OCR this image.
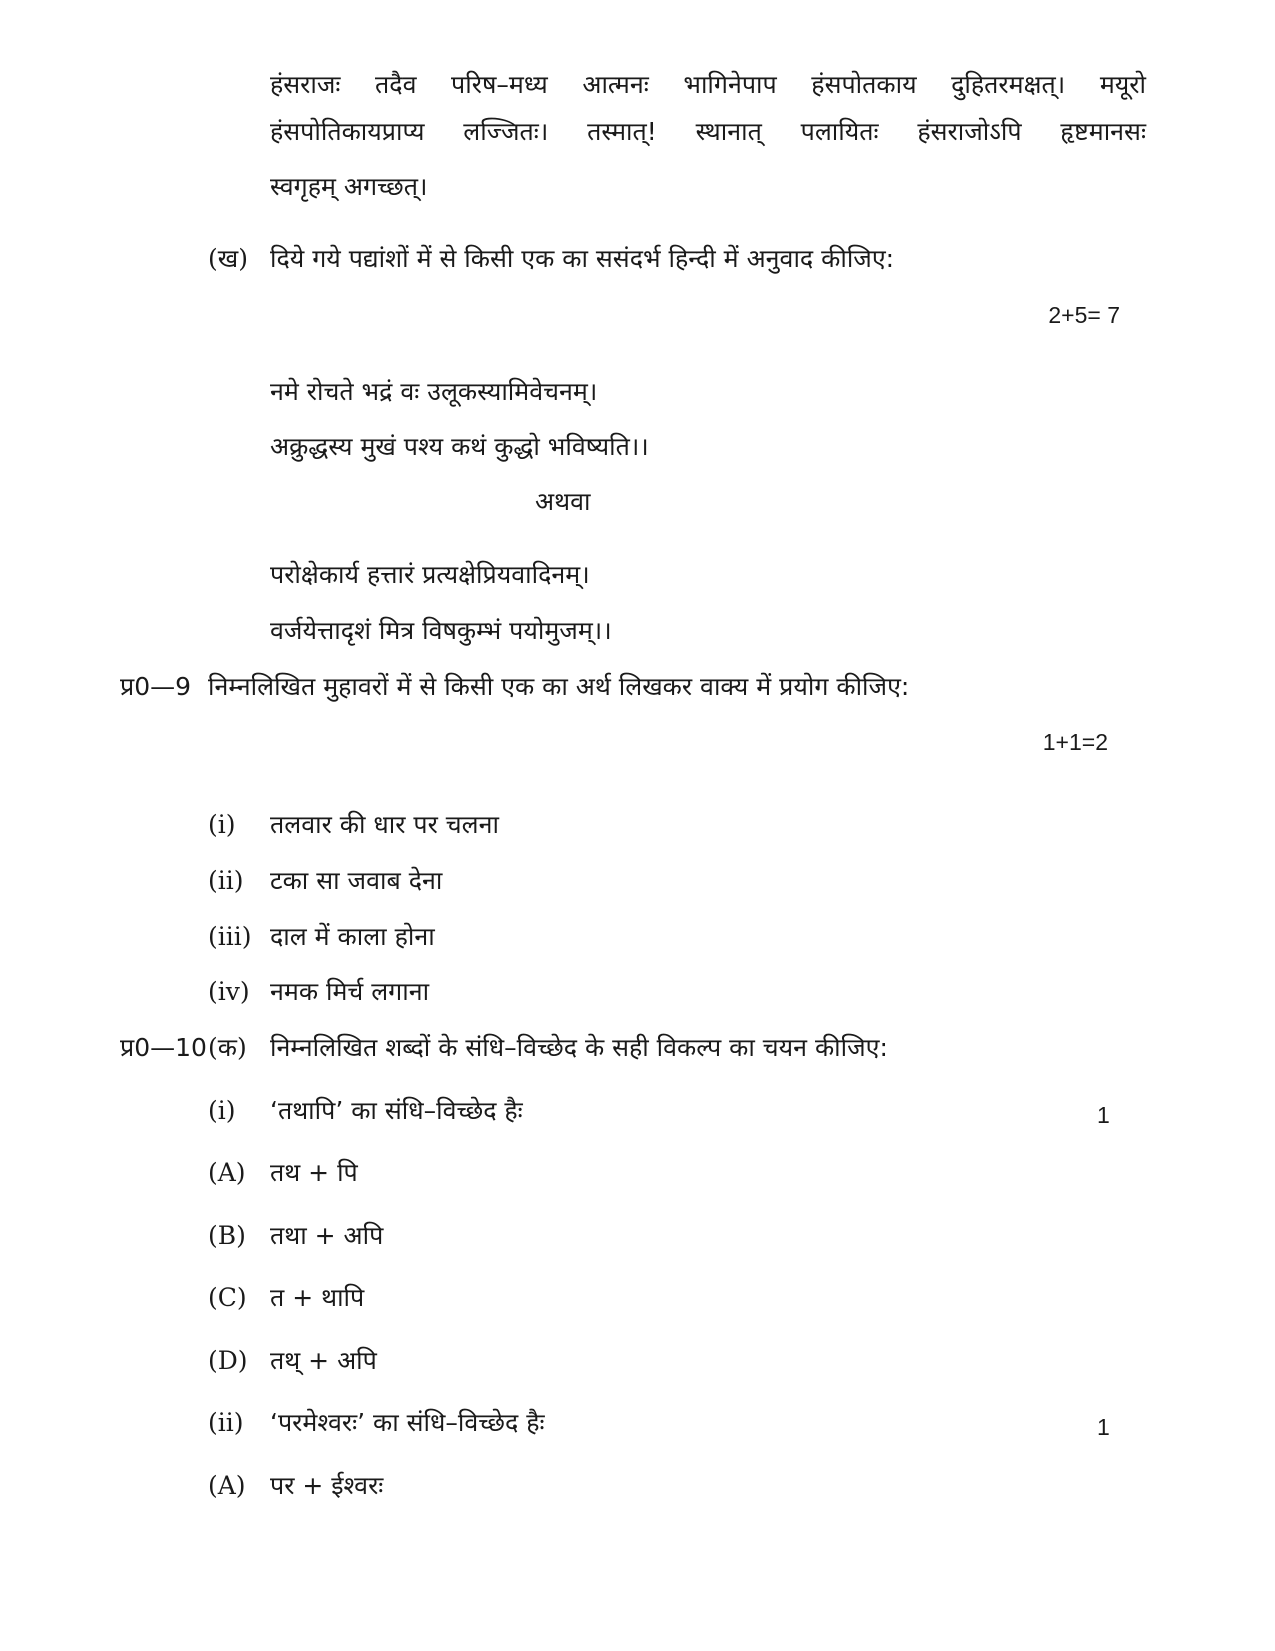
हंसराजः तदैव परिष–मध्य आत्मनः भागिनेपाप हंसपोतकाय दुहितरमक्षत्। मयूरो
हंसपोतिकायप्राप्य लज्जितः। तस्मात्! स्थानात् पलायितः हंसराजोऽपि हृष्टमानसः
स्वगृहम् अगच्छत्।
(ख) दिये गये पद्यांशों में से किसी एक का ससंदर्भ हिन्दी में अनुवाद कीजिए:
2+5= 7
नमे रोचते भद्रं वः उलूकस्यामिवेचनम्।
अक्रुद्धस्य मुखं पश्य कथं कुद्धो भविष्यति।।
अथवा
परोक्षेकार्य हत्तारं प्रत्यक्षेप्रियवादिनम्।
वर्जयेत्तादृशं मित्र विषकुम्भं पयोमुजम्।।
प्र0—9 निम्नलिखित मुहावरों में से किसी एक का अर्थ लिखकर वाक्य में प्रयोग कीजिए:
1+1=2
(i) तलवार की धार पर चलना
(ii) टका सा जवाब देना
(iii) दाल में काला होना
(iv) नमक मिर्च लगाना
प्र0—10 (क) निम्नलिखित शब्दों के संधि–विच्छेद के सही विकल्प का चयन कीजिए:
(i) ‘तथापि’ का संधि–विच्छेद हैः	1
(A) तथ + पि
(B) तथा + अपि
(C) त + थापि
(D) तथ् + अपि
(ii) ‘परमेश्वरः’ का संधि–विच्छेद हैः	1
(A) पर + ईश्वरः
